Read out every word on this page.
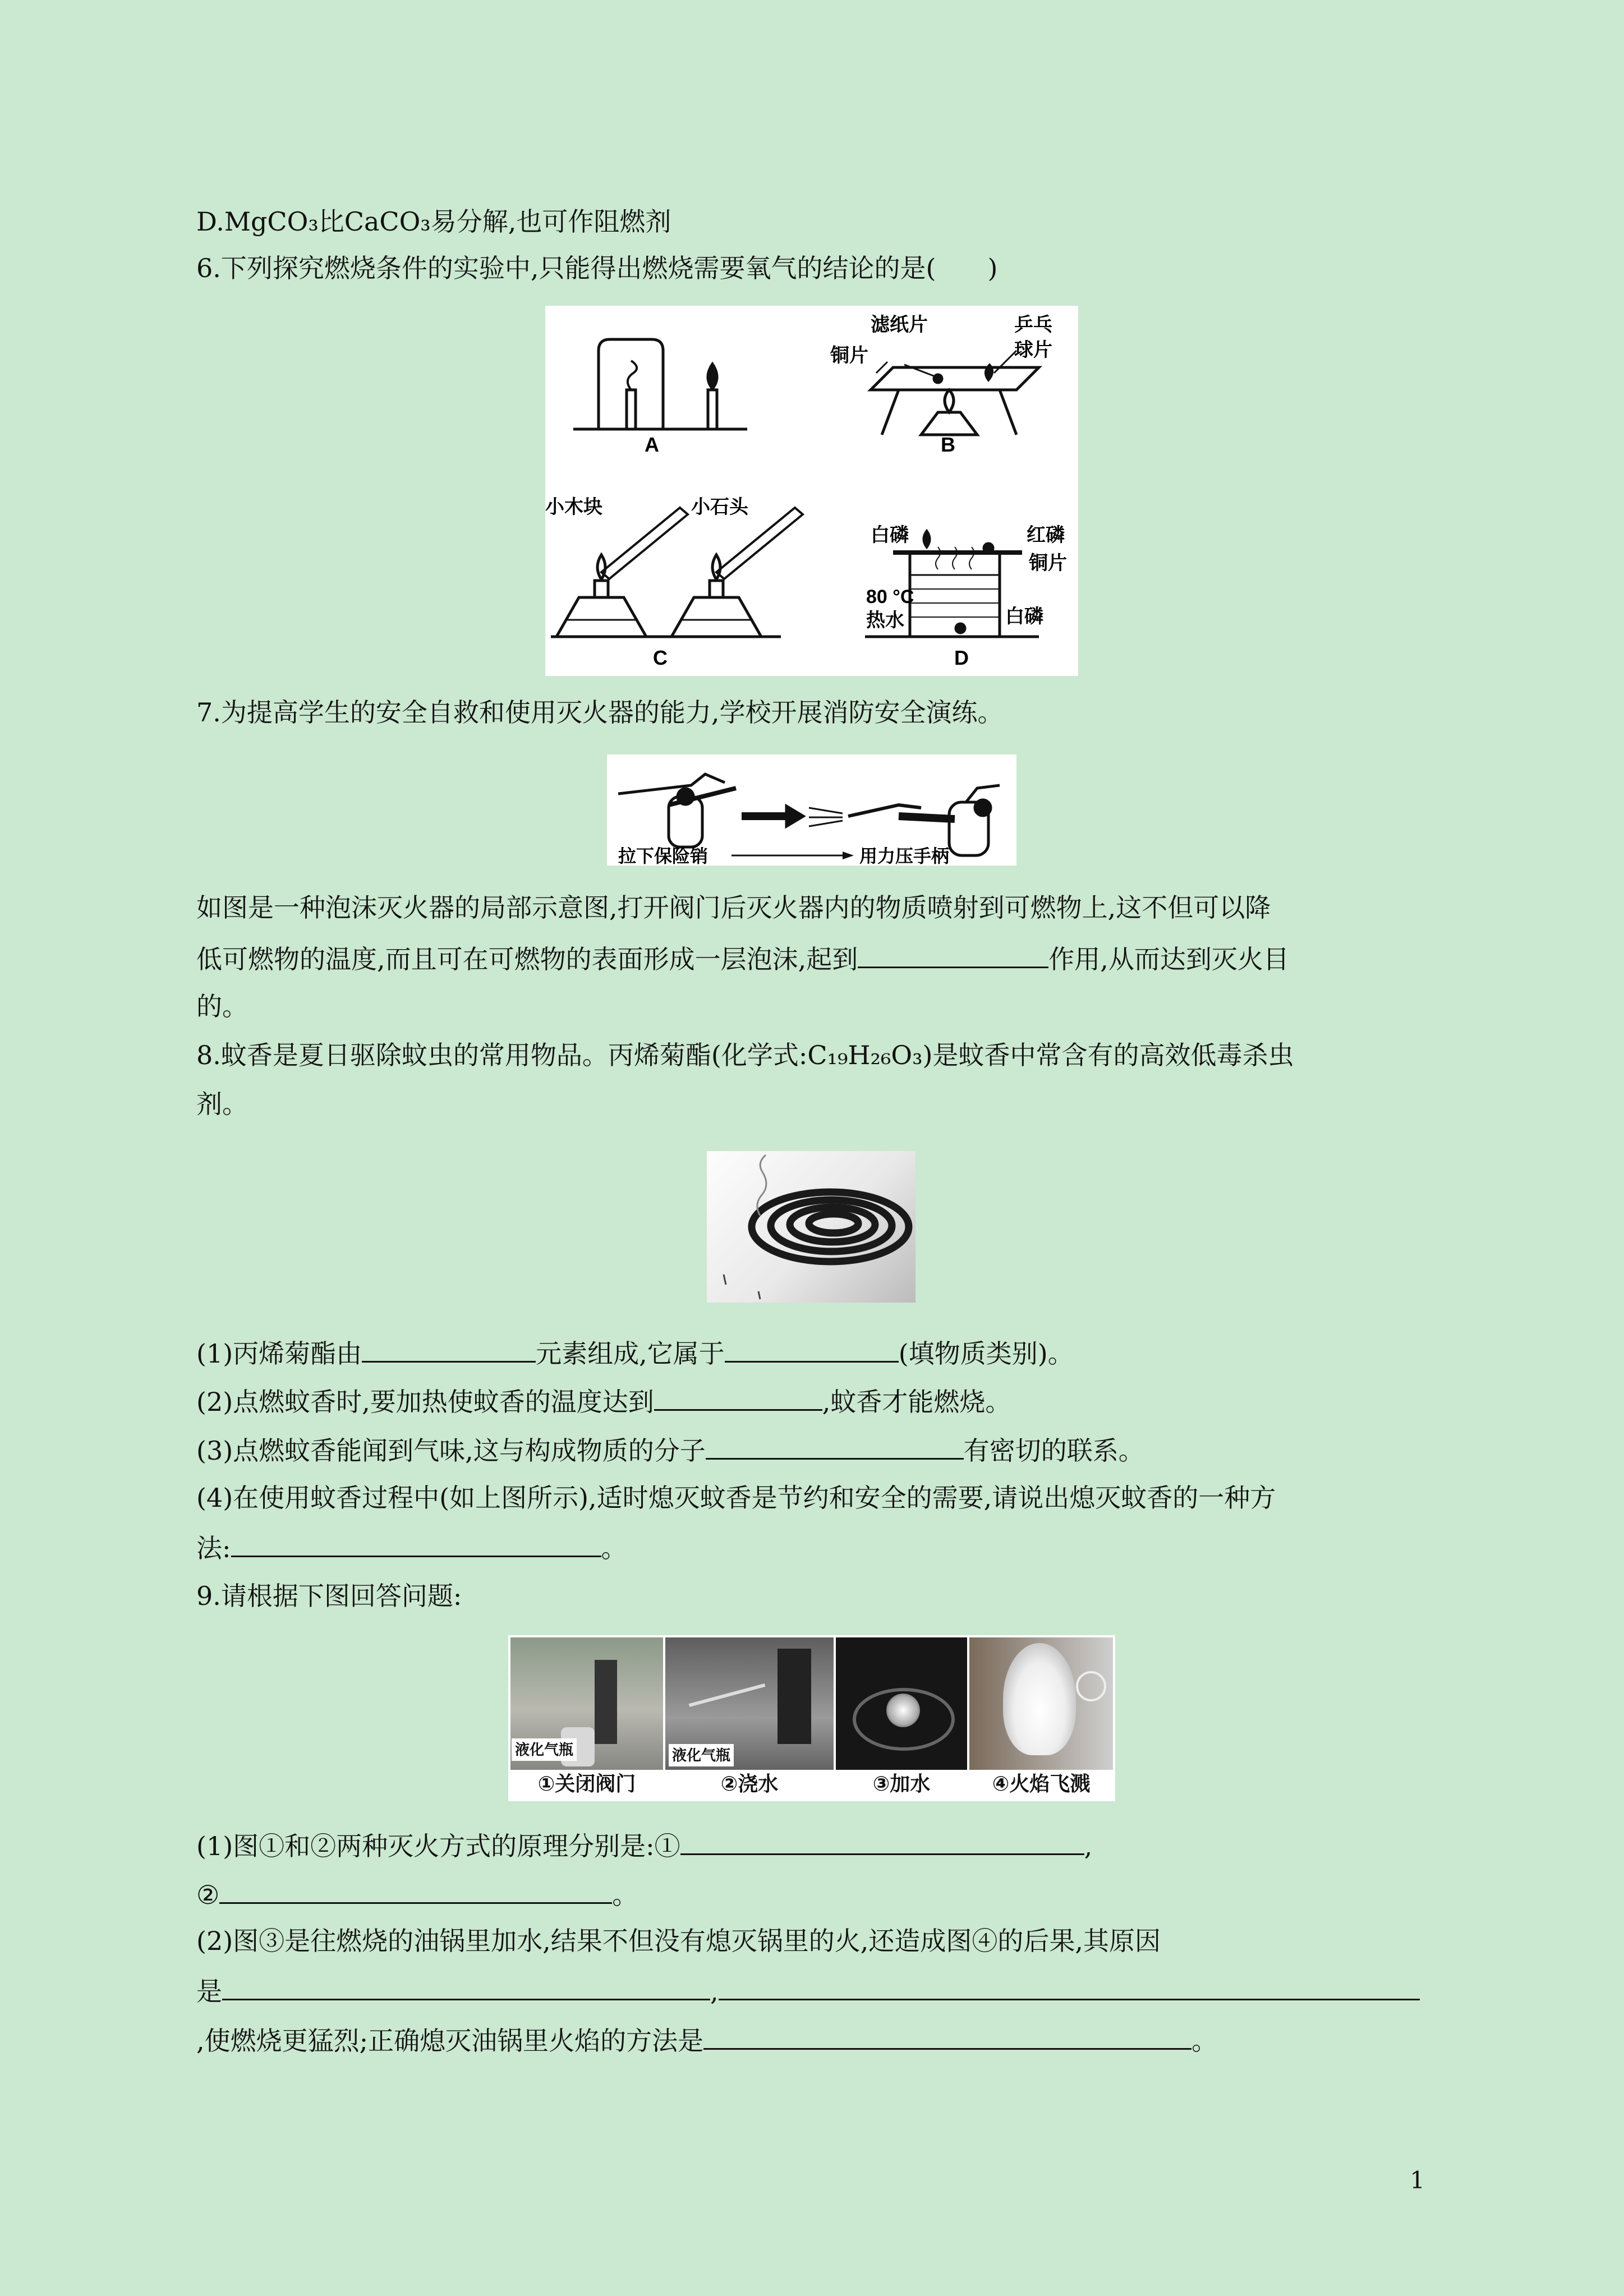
D.MgCO₃比CaCO₃易分解,也可作阻燃剂
6.下列探究燃烧条件的实验中,只能得出燃烧需要氧气的结论的是(　　)
A	B
C	D
滤纸片	乒乓
球片
铜片
小木块	小石头
白磷	红磷
铜片
80 °C
热水	白磷
7.为提高学生的安全自救和使用灭火器的能力,学校开展消防安全演练。
拉下保险销	用力压手柄
如图是一种泡沫灭火器的局部示意图,打开阀门后灭火器内的物质喷射到可燃物上,这不但可以降
低可燃物的温度,而且可在可燃物的表面形成一层泡沫,起到	作用,从而达到灭火目
的。
8.蚊香是夏日驱除蚊虫的常用物品。丙烯菊酯(化学式:C₁₉H₂₆O₃)是蚊香中常含有的高效低毒杀虫
剂。
(1)丙烯菊酯由	元素组成,它属于	(填物质类别)。
(2)点燃蚊香时,要加热使蚊香的温度达到	,蚊香才能燃烧。
(3)点燃蚊香能闻到气味,这与构成物质的分子	有密切的联系。
(4)在使用蚊香过程中(如上图所示),适时熄灭蚊香是节约和安全的需要,请说出熄灭蚊香的一种方
法:	。
9.请根据下图回答问题:
液化气瓶
①关闭阀门
液化气瓶
②浇水	③加水	④火焰飞溅
(1)图①和②两种灭火方式的原理分别是:①	,
②	。
(2)图③是往燃烧的油锅里加水,结果不但没有熄灭锅里的火,还造成图④的后果,其原因
是	,
,使燃烧更猛烈;正确熄灭油锅里火焰的方法是	。
1
